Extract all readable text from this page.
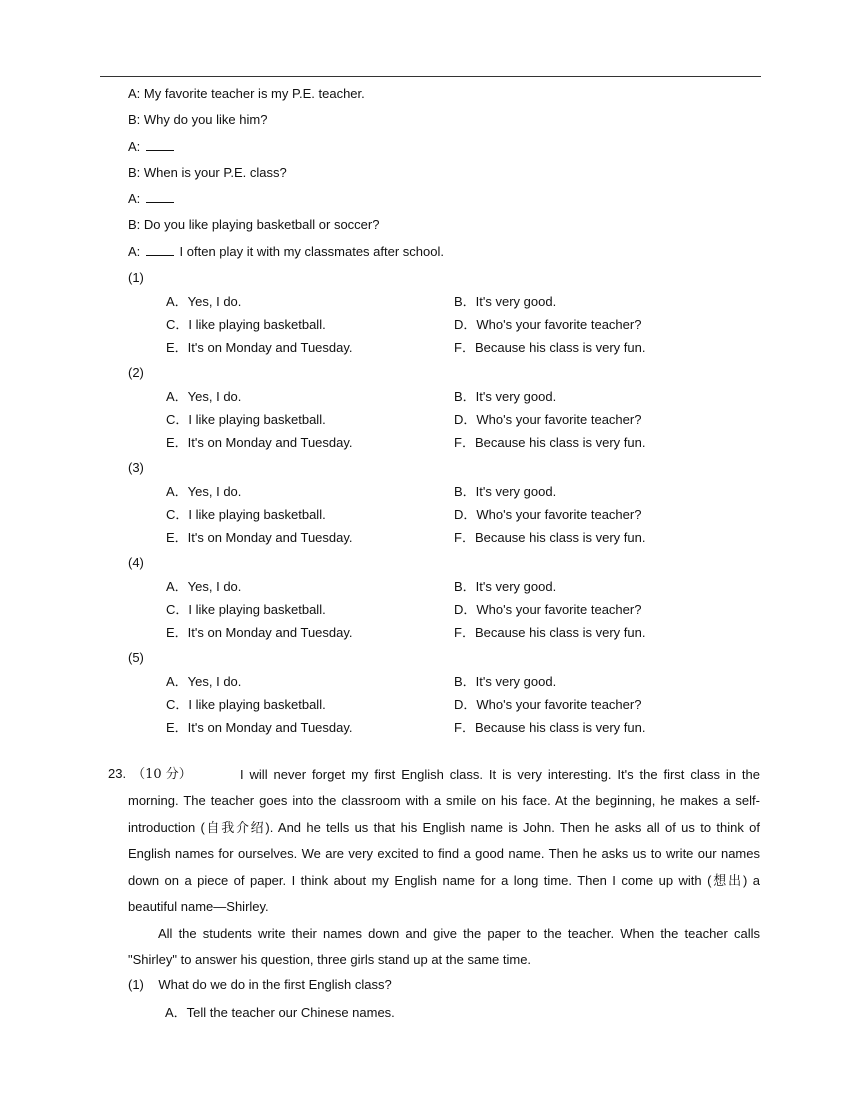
A: My favorite teacher is my P.E. teacher.
B: Why do you like him?
A:
B: When is your P.E. class?
A:
B: Do you like playing basketball or soccer?
A:	I often play it with my classmates after school.
(1)
A．Yes, I do.	B．It's very good.
C．I like playing basketball.	D．Who's your favorite teacher?
E．It's on Monday and Tuesday.	F．Because his class is very fun.
(2)
A．Yes, I do.	B．It's very good.
C．I like playing basketball.	D．Who's your favorite teacher?
E．It's on Monday and Tuesday.	F．Because his class is very fun.
(3)
A．Yes, I do.	B．It's very good.
C．I like playing basketball.	D．Who's your favorite teacher?
E．It's on Monday and Tuesday.	F．Because his class is very fun.
(4)
A．Yes, I do.	B．It's very good.
C．I like playing basketball.	D．Who's your favorite teacher?
E．It's on Monday and Tuesday.	F．Because his class is very fun.
(5)
A．Yes, I do.	B．It's very good.
C．I like playing basketball.	D．Who's your favorite teacher?
E．It's on Monday and Tuesday.	F．Because his class is very fun.
23. （10 分）	I will never forget my first English class. It is very interesting. It's the first class in the morning. The teacher goes into the classroom with a smile on his face. At the beginning, he makes a self-introduction (自我介绍). And he tells us that his English name is John. Then he asks all of us to think of English names for ourselves. We are very excited to find a good name. Then he asks us to write our names down on a piece of paper. I think about my English name for a long time. Then I come up with (想出) a beautiful name—Shirley.
All the students write their names down and give the paper to the teacher. When the teacher calls "Shirley" to answer his question, three girls stand up at the same time.
(1)    What do we do in the first English class?
A．Tell the teacher our Chinese names.
